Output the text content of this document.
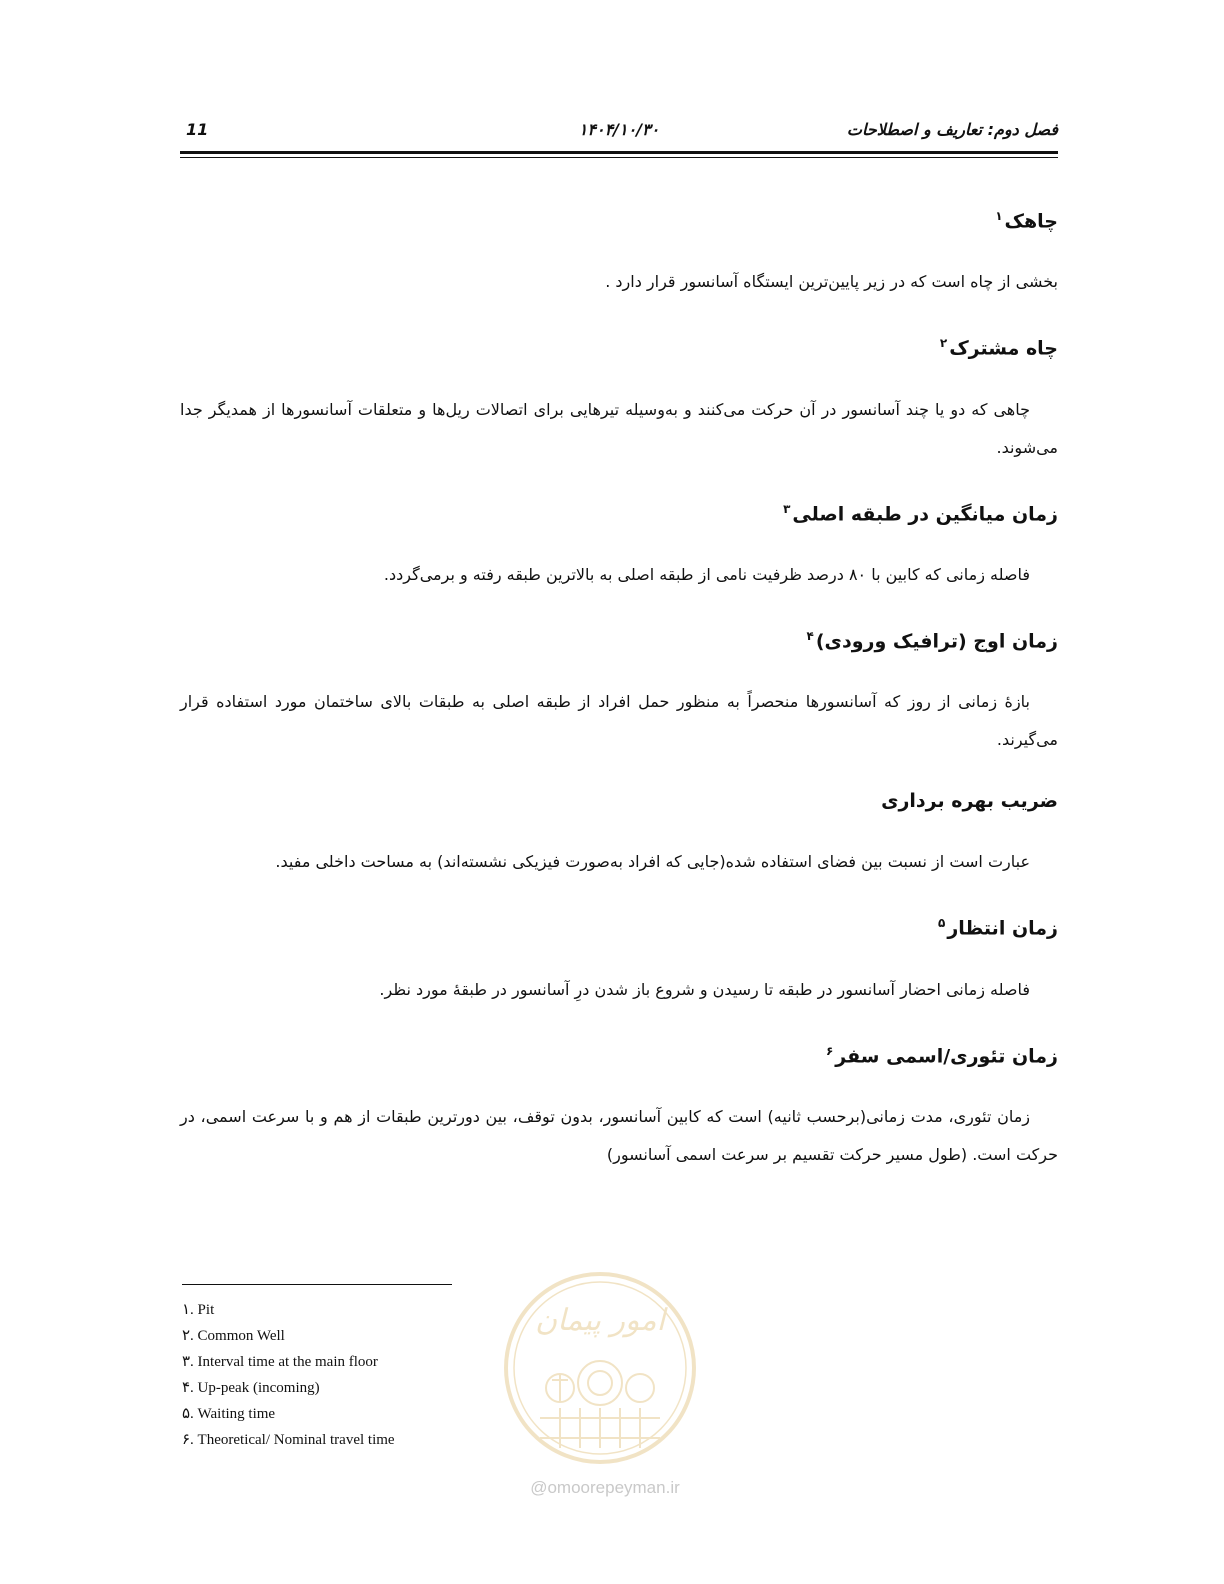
فصل دوم: تعاریف و اصطلاحات
۱۴۰۴/۱۰/۳۰
11
چاهک$^۱$

بخشی از چاه است که در زیر پایین‌ترین ایستگاه آسانسور قرار دارد .

چاه مشترک$^۲$

چاهی که دو یا چند آسانسور در آن حرکت می‌کنند و به‌وسیله تیرهایی برای اتصالات ریل‌ها و متعلقات آسانسورها از همدیگر جدا می‌شوند.

زمان میانگین در طبقه اصلی$^۳$

فاصله زمانی که کابین با ۸۰ درصد ظرفیت نامی از طبقه اصلی به بالاترین طبقه رفته و برمی‌گردد.

زمان اوج (ترافیک ورودی)$^۴$

بازهٔ زمانی از روز که آسانسورها منحصراً به منظور حمل افراد از طبقه اصلی به طبقات بالای ساختمان مورد استفاده قرار می‌گیرند.

ضریب بهره برداری

عبارت است از نسبت بین فضای استفاده شده(جایی که افراد به‌صورت فیزیکی نشسته‌اند) به مساحت داخلی مفید.

زمان انتظار$^۵$

فاصله زمانی احضار آسانسور در طبقه تا رسیدن و شروع باز شدن درِ آسانسور در طبقهٔ مورد نظر.

زمان تئوری/اسمی سفر$^۶$

زمان تئوری، مدت زمانی(برحسب ثانیه) است که کابین آسانسور، بدون توقف، بین دورترین طبقات از هم و با سرعت اسمی، در حرکت است. (طول مسیر حرکت تقسیم بر سرعت اسمی آسانسور)

۱. Pit
۲. Common Well
۳. Interval time at the main floor
۴. Up-peak (incoming)
۵. Waiting time
۶. Theoretical/ Nominal travel time
امور پیمان
@omoorepeyman.ir
